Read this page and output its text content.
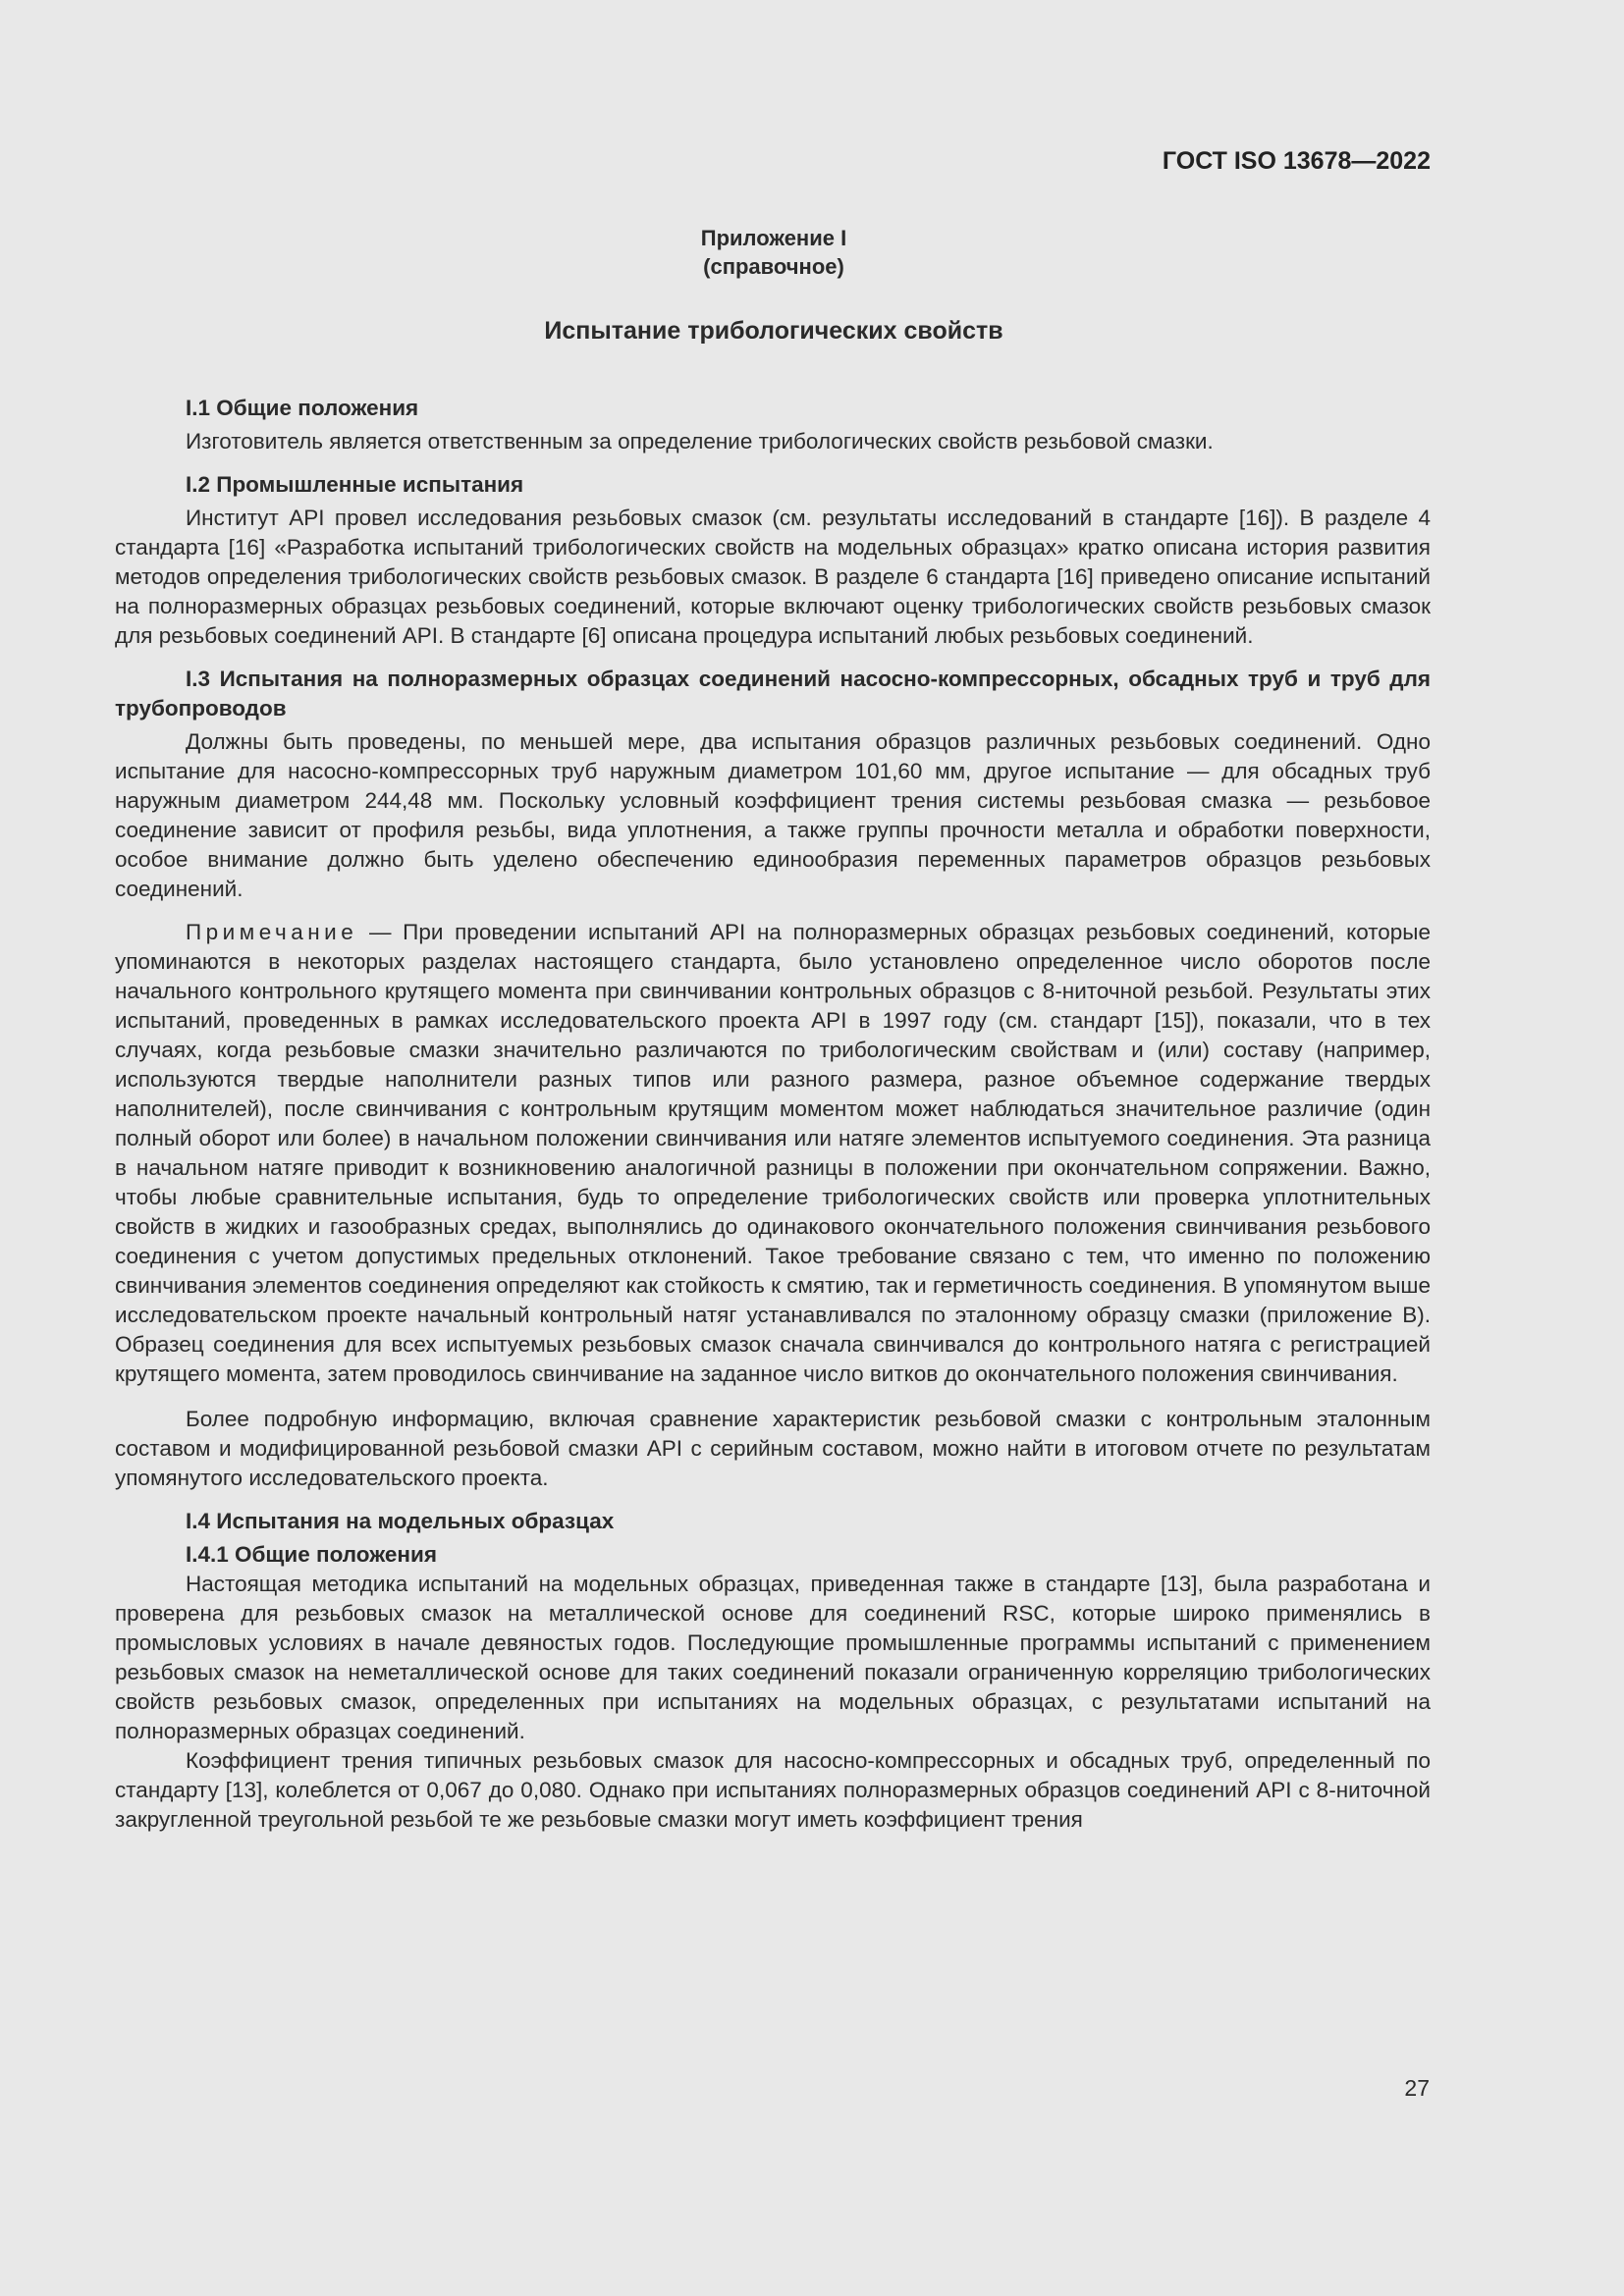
ГОСТ ISO 13678—2022
Приложение I
(справочное)
Испытание трибологических свойств

I.1 Общие положения

Изготовитель является ответственным за определение трибологических свойств резьбовой смазки.

I.2 Промышленные испытания

Институт API провел исследования резьбовых смазок (см. результаты исследований в стандарте [16]). В разделе 4 стандарта [16] «Разработка испытаний трибологических свойств на модельных образцах» кратко описана история развития методов определения трибологических свойств резьбовых смазок. В разделе 6 стандарта [16] приведено описание испытаний на полноразмерных образцах резьбовых соединений, которые включают оценку трибологических свойств резьбовых смазок для резьбовых соединений API. В стандарте [6] описана процедура испытаний любых резьбовых соединений.

I.3 Испытания на полноразмерных образцах соединений насосно-компрессорных, обсадных труб и труб для трубопроводов

Должны быть проведены, по меньшей мере, два испытания образцов различных резьбовых соединений. Одно испытание для насосно-компрессорных труб наружным диаметром 101,60 мм, другое испытание — для обсадных труб наружным диаметром 244,48 мм. Поскольку условный коэффициент трения системы резьбовая смазка — резьбовое соединение зависит от профиля резьбы, вида уплотнения, а также группы прочности металла и обработки поверхности, особое внимание должно быть уделено обеспечению единообразия переменных параметров образцов резьбовых соединений.

Примечание — При проведении испытаний API на полноразмерных образцах резьбовых соединений, которые упоминаются в некоторых разделах настоящего стандарта, было установлено определенное число оборотов после начального контрольного крутящего момента при свинчивании контрольных образцов с 8-ниточной резьбой. Результаты этих испытаний, проведенных в рамках исследовательского проекта API в 1997 году (см. стандарт [15]), показали, что в тех случаях, когда резьбовые смазки значительно различаются по трибологическим свойствам и (или) составу (например, используются твердые наполнители разных типов или разного размера, разное объемное содержание твердых наполнителей), после свинчивания с контрольным крутящим моментом может наблюдаться значительное различие (один полный оборот или более) в начальном положении свинчивания или натяге элементов испытуемого соединения. Эта разница в начальном натяге приводит к возникновению аналогичной разницы в положении при окончательном сопряжении. Важно, чтобы любые сравнительные испытания, будь то определение трибологических свойств или проверка уплотнительных свойств в жидких и газообразных средах, выполнялись до одинакового окончательного положения свинчивания резьбового соединения с учетом допустимых предельных отклонений. Такое требование связано с тем, что именно по положению свинчивания элементов соединения определяют как стойкость к смятию, так и герметичность соединения. В упомянутом выше исследовательском проекте начальный контрольный натяг устанавливался по эталонному образцу смазки (приложение B). Образец соединения для всех испытуемых резьбовых смазок сначала свинчивался до контрольного натяга с регистрацией крутящего момента, затем проводилось свинчивание на заданное число витков до окончательного положения свинчивания.

Более подробную информацию, включая сравнение характеристик резьбовой смазки с контрольным эталонным составом и модифицированной резьбовой смазки API с серийным составом, можно найти в итоговом отчете по результатам упомянутого исследовательского проекта.

I.4 Испытания на модельных образцах

I.4.1 Общие положения

Настоящая методика испытаний на модельных образцах, приведенная также в стандарте [13], была разработана и проверена для резьбовых смазок на металлической основе для соединений RSC, которые широко применялись в промысловых условиях в начале девяностых годов. Последующие промышленные программы испытаний с применением резьбовых смазок на неметаллической основе для таких соединений показали ограниченную корреляцию трибологических свойств резьбовых смазок, определенных при испытаниях на модельных образцах, с результатами испытаний на полноразмерных образцах соединений.

Коэффициент трения типичных резьбовых смазок для насосно-компрессорных и обсадных труб, определенный по стандарту [13], колеблется от 0,067 до 0,080. Однако при испытаниях полноразмерных образцов соединений API с 8-ниточной закругленной треугольной резьбой те же резьбовые смазки могут иметь коэффициент трения

27
